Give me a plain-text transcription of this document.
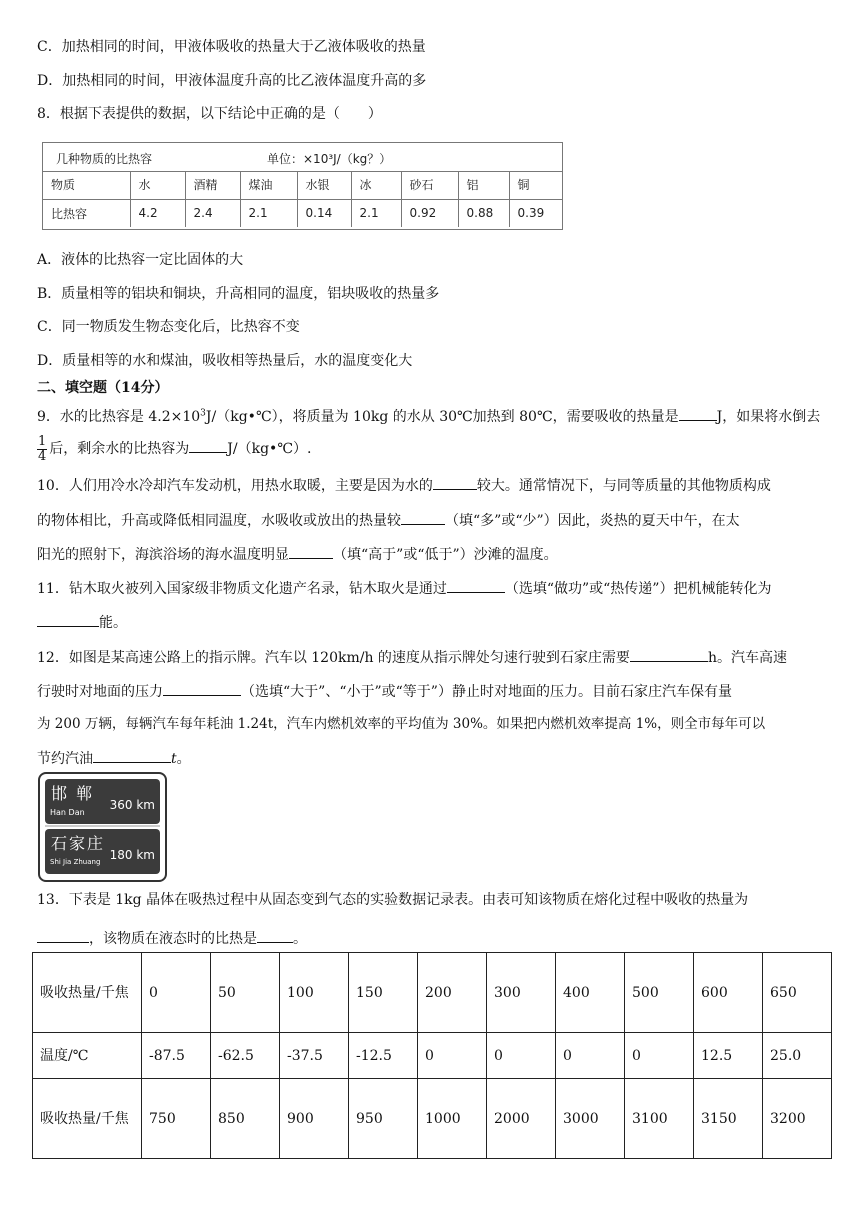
C．加热相同的时间，甲液体吸收的热量大于乙液体吸收的热量
D．加热相同的时间，甲液体温度升高的比乙液体温度升高的多
8．根据下表提供的数据，以下结论中正确的是（　　）
几种物质的比热容	单位：×10³J/（kg？）
物质	水	酒精	煤油	水银	冰	砂石	铝	铜
比热容	4.2	2.4	2.1	0.14	2.1	0.92	0.88	0.39
A．液体的比热容一定比固体的大
B．质量相等的铝块和铜块，升高相同的温度，铝块吸收的热量多
C．同一物质发生物态变化后，比热容不变
D．质量相等的水和煤油，吸收相等热量后，水的温度变化大
二、填空题（14分）
9．水的比热容是 $4.2\times 10^3J/(kg•℃)$，将质量为 10kg 的水从 30℃加热到 80℃，需要吸收的热量是	J，如果将水倒去
$\frac{1}{4}$ 后，剩余水的比热容为	J/（kg•℃）.
10．人们用冷水冷却汽车发动机，用热水取暖，主要是因为水的	较大。通常情况下，与同等质量的其他物质构成
的物体相比，升高或降低相同温度，水吸收或放出的热量较	（填“多”或“少”）因此，炎热的夏天中午，在太
阳光的照射下，海滨浴场的海水温度明显	（填“高于”或“低于”）沙滩的温度。
11．钻木取火被列入国家级非物质文化遗产名录，钻木取火是通过	（选填“做功”或“热传递”）把机械能转化为
能。
12．如图是某高速公路上的指示牌。汽车以 120km/h 的速度从指示牌处匀速行驶到石家庄需要	h。汽车高速
行驶时对地面的压力	（选填“大于”、“小于”或“等于”）静止时对地面的压力。目前石家庄汽车保有量
为 200 万辆，每辆汽车每年耗油 1.24t，汽车内燃机效率的平均值为 30%。如果把内燃机效率提高 1%，则全市每年可以
节约汽油	t。
邯 郸
Han Dan
360 km
石家庄
Shi Jia Zhuang 180 km
13．下表是 1kg 晶体在吸热过程中从固态变到气态的实验数据记录表。由表可知该物质在熔化过程中吸收的热量为
，该物质在液态时的比热是	。
吸收热量/千焦	0	50	100	150	200	300	400	500	600	650
温度/℃	-87.5	-62.5	-37.5	-12.5	0	0	0	0	12.5	25.0
吸收热量/千焦	750	850	900	950	1000	2000	3000	3100	3150	3200
